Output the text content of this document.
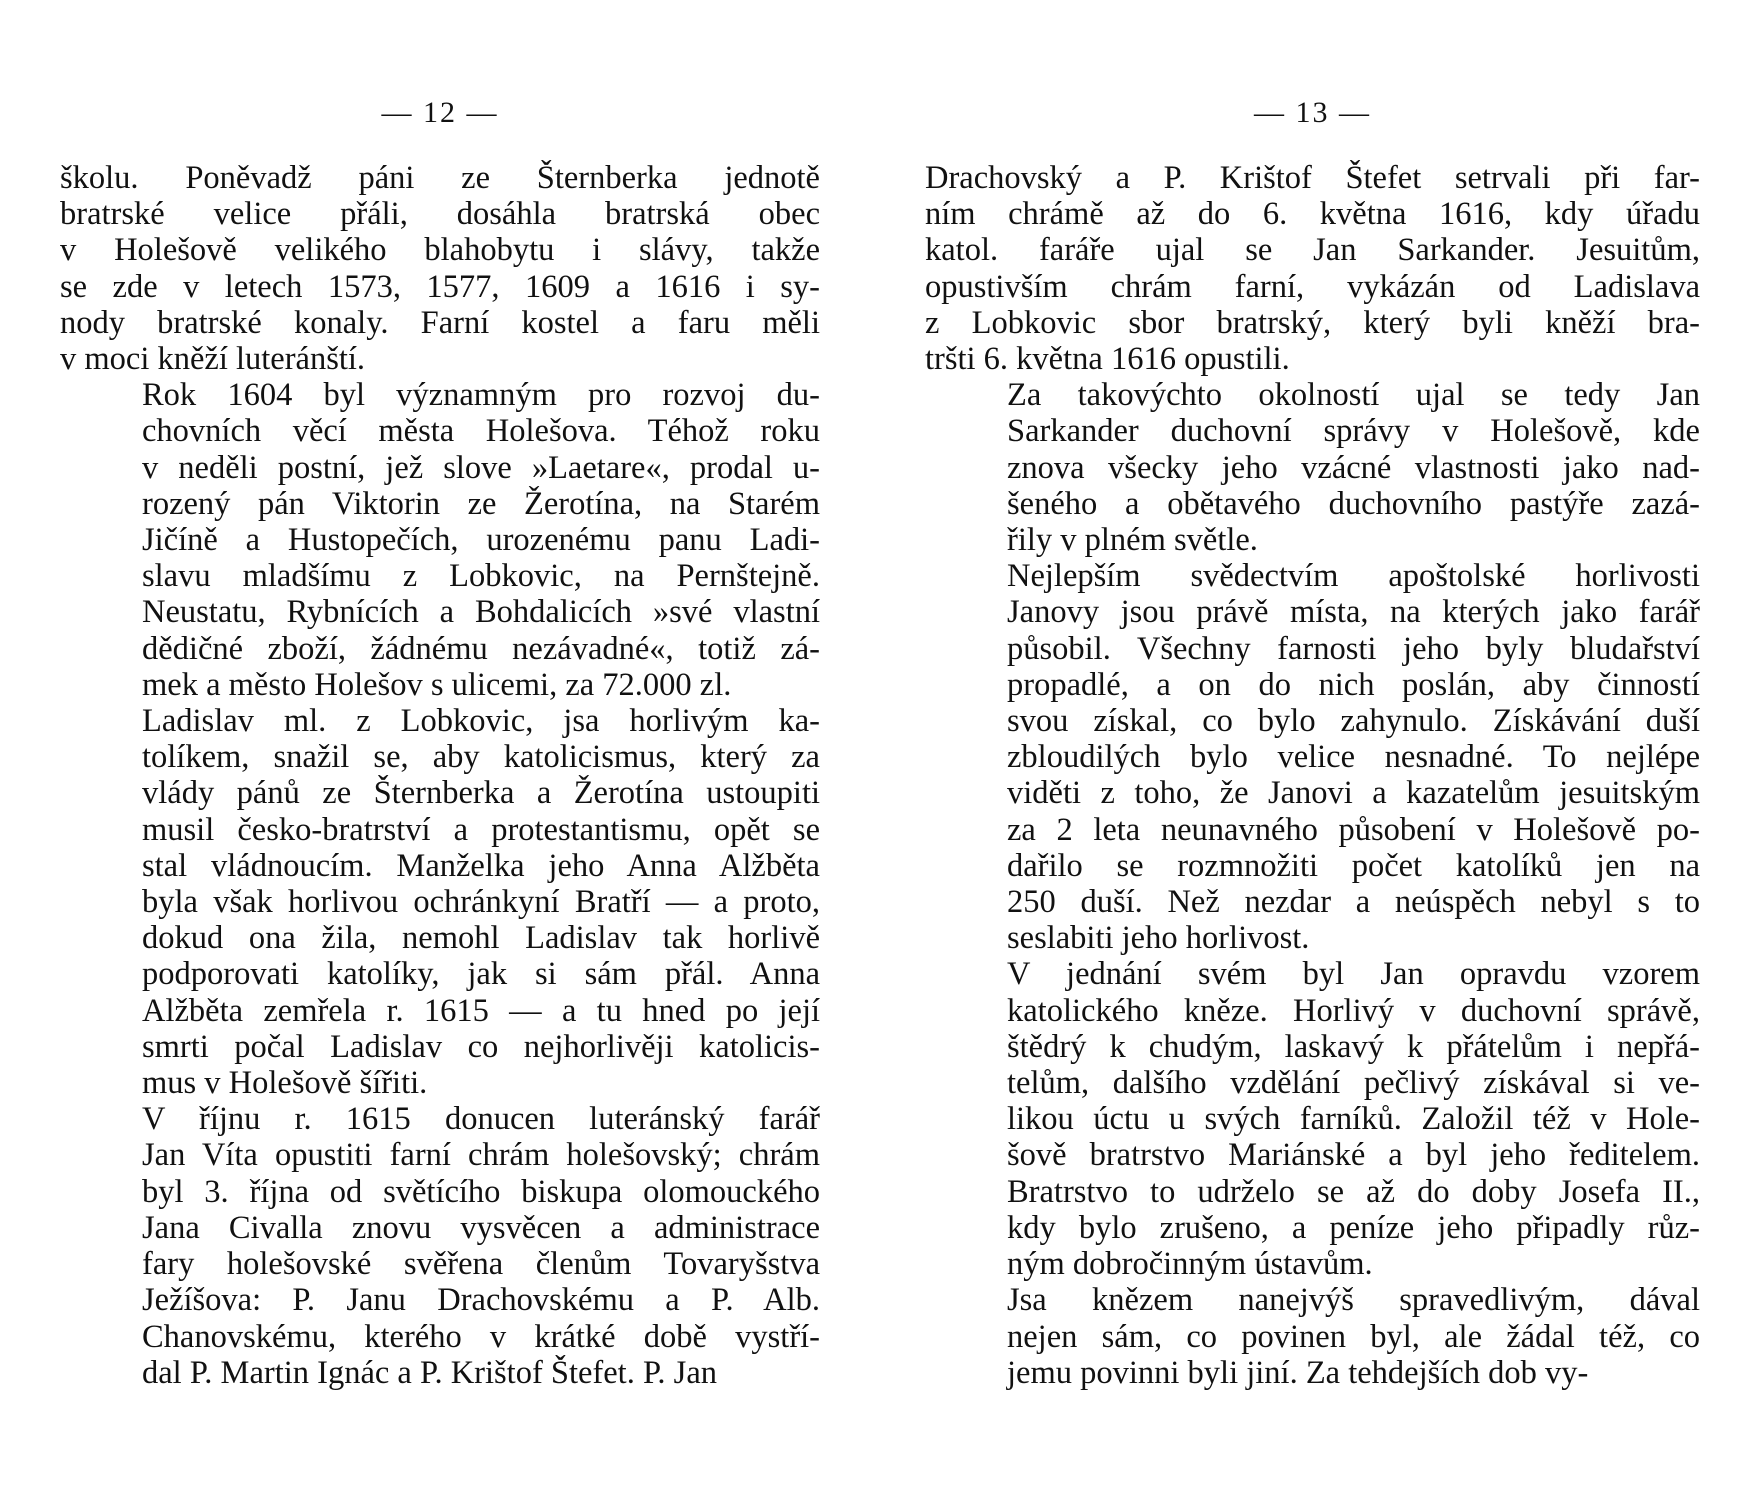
— 12 —

školu. Poněvadž páni ze Šternberka jednotě
bratrské velice přáli, dosáhla bratrská obec
v Holešově velikého blahobytu i slávy, takže
se zde v letech 1573, 1577, 1609 a 1616 i sy-
nody bratrské konaly. Farní kostel a faru měli
v moci kněží luteránští.

Rok 1604 byl významným pro rozvoj du-
chovních věcí města Holešova. Téhož roku
v neděli postní, jež slove »Laetare«, prodal u-
rozený pán Viktorin ze Žerotína, na Starém
Jičíně a Hustopečích, urozenému panu Ladi-
slavu mladšímu z Lobkovic, na Pernštejně.
Neustatu, Rybnících a Bohdalicích »své vlastní
dědičné zboží, žádnému nezávadné«, totiž zá-
mek a město Holešov s ulicemi, za 72.000 zl.

Ladislav ml. z Lobkovic, jsa horlivým ka-
tolíkem, snažil se, aby katolicismus, který za
vlády pánů ze Šternberka a Žerotína ustoupiti
musil česko-bratrství a protestantismu, opět se
stal vládnoucím. Manželka jeho Anna Alžběta
byla však horlivou ochránkyní Bratří — a proto,
dokud ona žila, nemohl Ladislav tak horlivě
podporovati katolíky, jak si sám přál. Anna
Alžběta zemřela r. 1615 — a tu hned po její
smrti počal Ladislav co nejhorlivěji katolicis-
mus v Holešově šířiti.

V říjnu r. 1615 donucen luteránský farář
Jan Víta opustiti farní chrám holešovský; chrám
byl 3. října od světícího biskupa olomouckého
Jana Civalla znovu vysvěcen a administrace
fary holešovské svěřena členům Tovaryšstva
Ježíšova: P. Janu Drachovskému a P. Alb.
Chanovskému, kterého v krátké době vystří-
dal P. Martin Ignác a P. Krištof Štefet. P. Jan

— 13 —

Drachovský a P. Krištof Štefet setrvali při far-
ním chrámě až do 6. května 1616, kdy úřadu
katol. faráře ujal se Jan Sarkander. Jesuitům,
opustivším chrám farní, vykázán od Ladislava
z Lobkovic sbor bratrský, který byli kněží bra-
tršti 6. května 1616 opustili.

Za takovýchto okolností ujal se tedy Jan
Sarkander duchovní správy v Holešově, kde
znova všecky jeho vzácné vlastnosti jako nad-
šeného a obětavého duchovního pastýře zazá-
řily v plném světle.

Nejlepším svědectvím apoštolské horlivosti
Janovy jsou právě místa, na kterých jako farář
působil. Všechny farnosti jeho byly bludařství
propadlé, a on do nich poslán, aby činností
svou získal, co bylo zahynulo. Získávání duší
zbloudilých bylo velice nesnadné. To nejlépe
viděti z toho, že Janovi a kazatelům jesuitským
za 2 leta neunavného působení v Holešově po-
dařilo se rozmnožiti počet katolíků jen na
250 duší. Než nezdar a neúspěch nebyl s to
seslabiti jeho horlivost.

V jednání svém byl Jan opravdu vzorem
katolického kněze. Horlivý v duchovní správě,
štědrý k chudým, laskavý k přátelům i nepřá-
telům, dalšího vzdělání pečlivý získával si ve-
likou úctu u svých farníků. Založil též v Hole-
šově bratrstvo Mariánské a byl jeho ředitelem.
Bratrstvo to udrželo se až do doby Josefa II.,
kdy bylo zrušeno, a peníze jeho připadly růz-
ným dobročinným ústavům.

Jsa knězem nanejvýš spravedlivým, dával
nejen sám, co povinen byl, ale žádal též, co
jemu povinni byli jiní. Za tehdejších dob vy-
